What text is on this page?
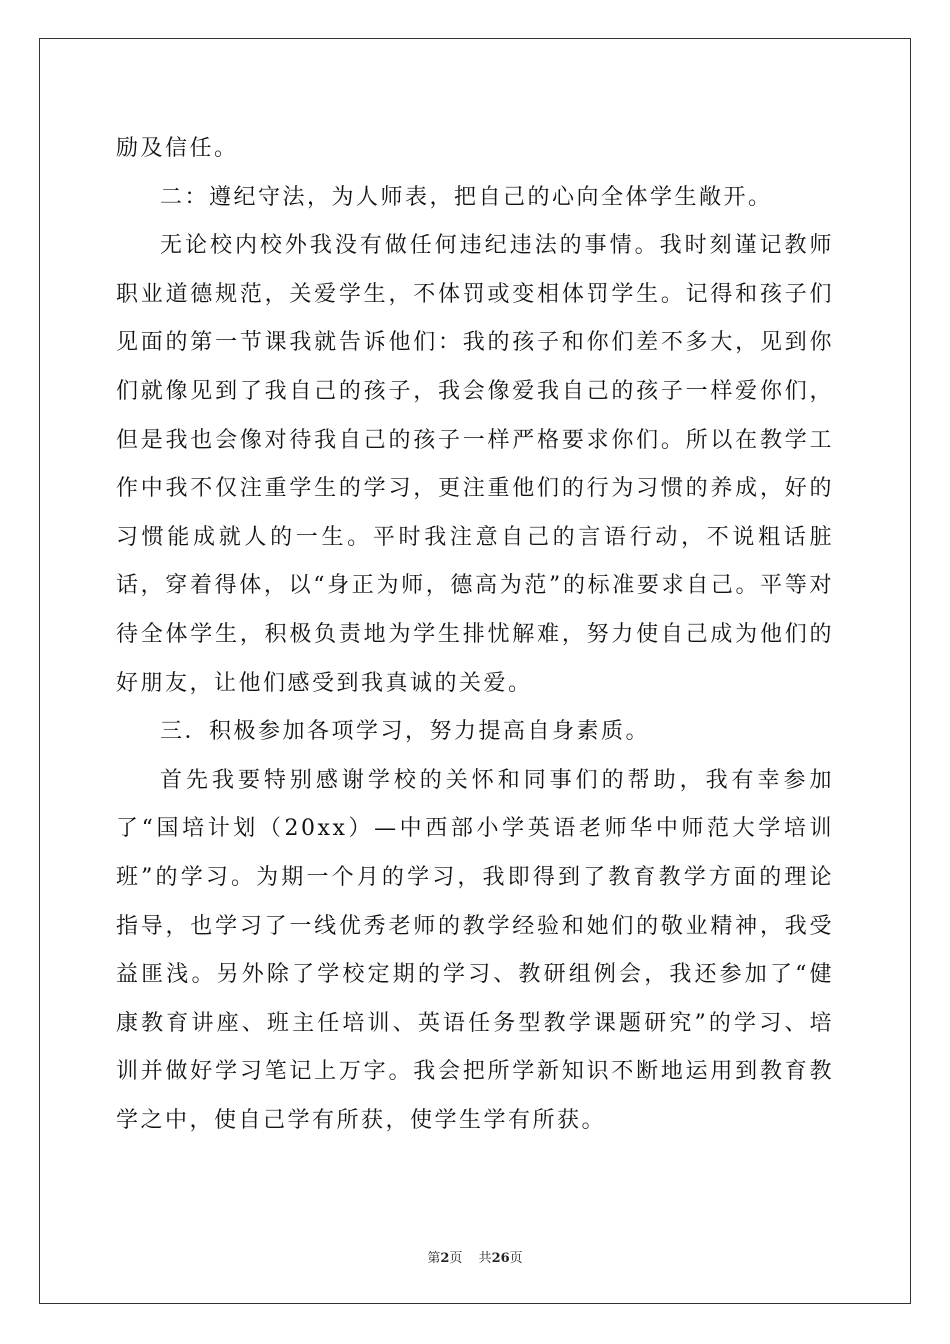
励及信任。

二：遵纪守法，为人师表，把自己的心向全体学生敞开。

无论校内校外我没有做任何违纪违法的事情。我时刻谨记教师职业道德规范，关爱学生，不体罚或变相体罚学生。记得和孩子们见面的第一节课我就告诉他们：我的孩子和你们差不多大，见到你们就像见到了我自己的孩子，我会像爱我自己的孩子一样爱你们，但是我也会像对待我自己的孩子一样严格要求你们。所以在教学工作中我不仅注重学生的学习，更注重他们的行为习惯的养成，好的习惯能成就人的一生。平时我注意自己的言语行动，不说粗话脏话，穿着得体，以“身正为师，德高为范”的标准要求自己。平等对待全体学生，积极负责地为学生排忧解难，努力使自己成为他们的好朋友，让他们感受到我真诚的关爱。

三．积极参加各项学习，努力提高自身素质。

首先我要特别感谢学校的关怀和同事们的帮助，我有幸参加了“国培计划（20xx）—中西部小学英语老师华中师范大学培训班”的学习。为期一个月的学习，我即得到了教育教学方面的理论指导，也学习了一线优秀老师的教学经验和她们的敬业精神，我受益匪浅。另外除了学校定期的学习、教研组例会，我还参加了“健康教育讲座、班主任培训、英语任务型教学课题研究”的学习、培训并做好学习笔记上万字。我会把所学新知识不断地运用到教育教学之中，使自己学有所获，使学生学有所获。

第2页 共26页
